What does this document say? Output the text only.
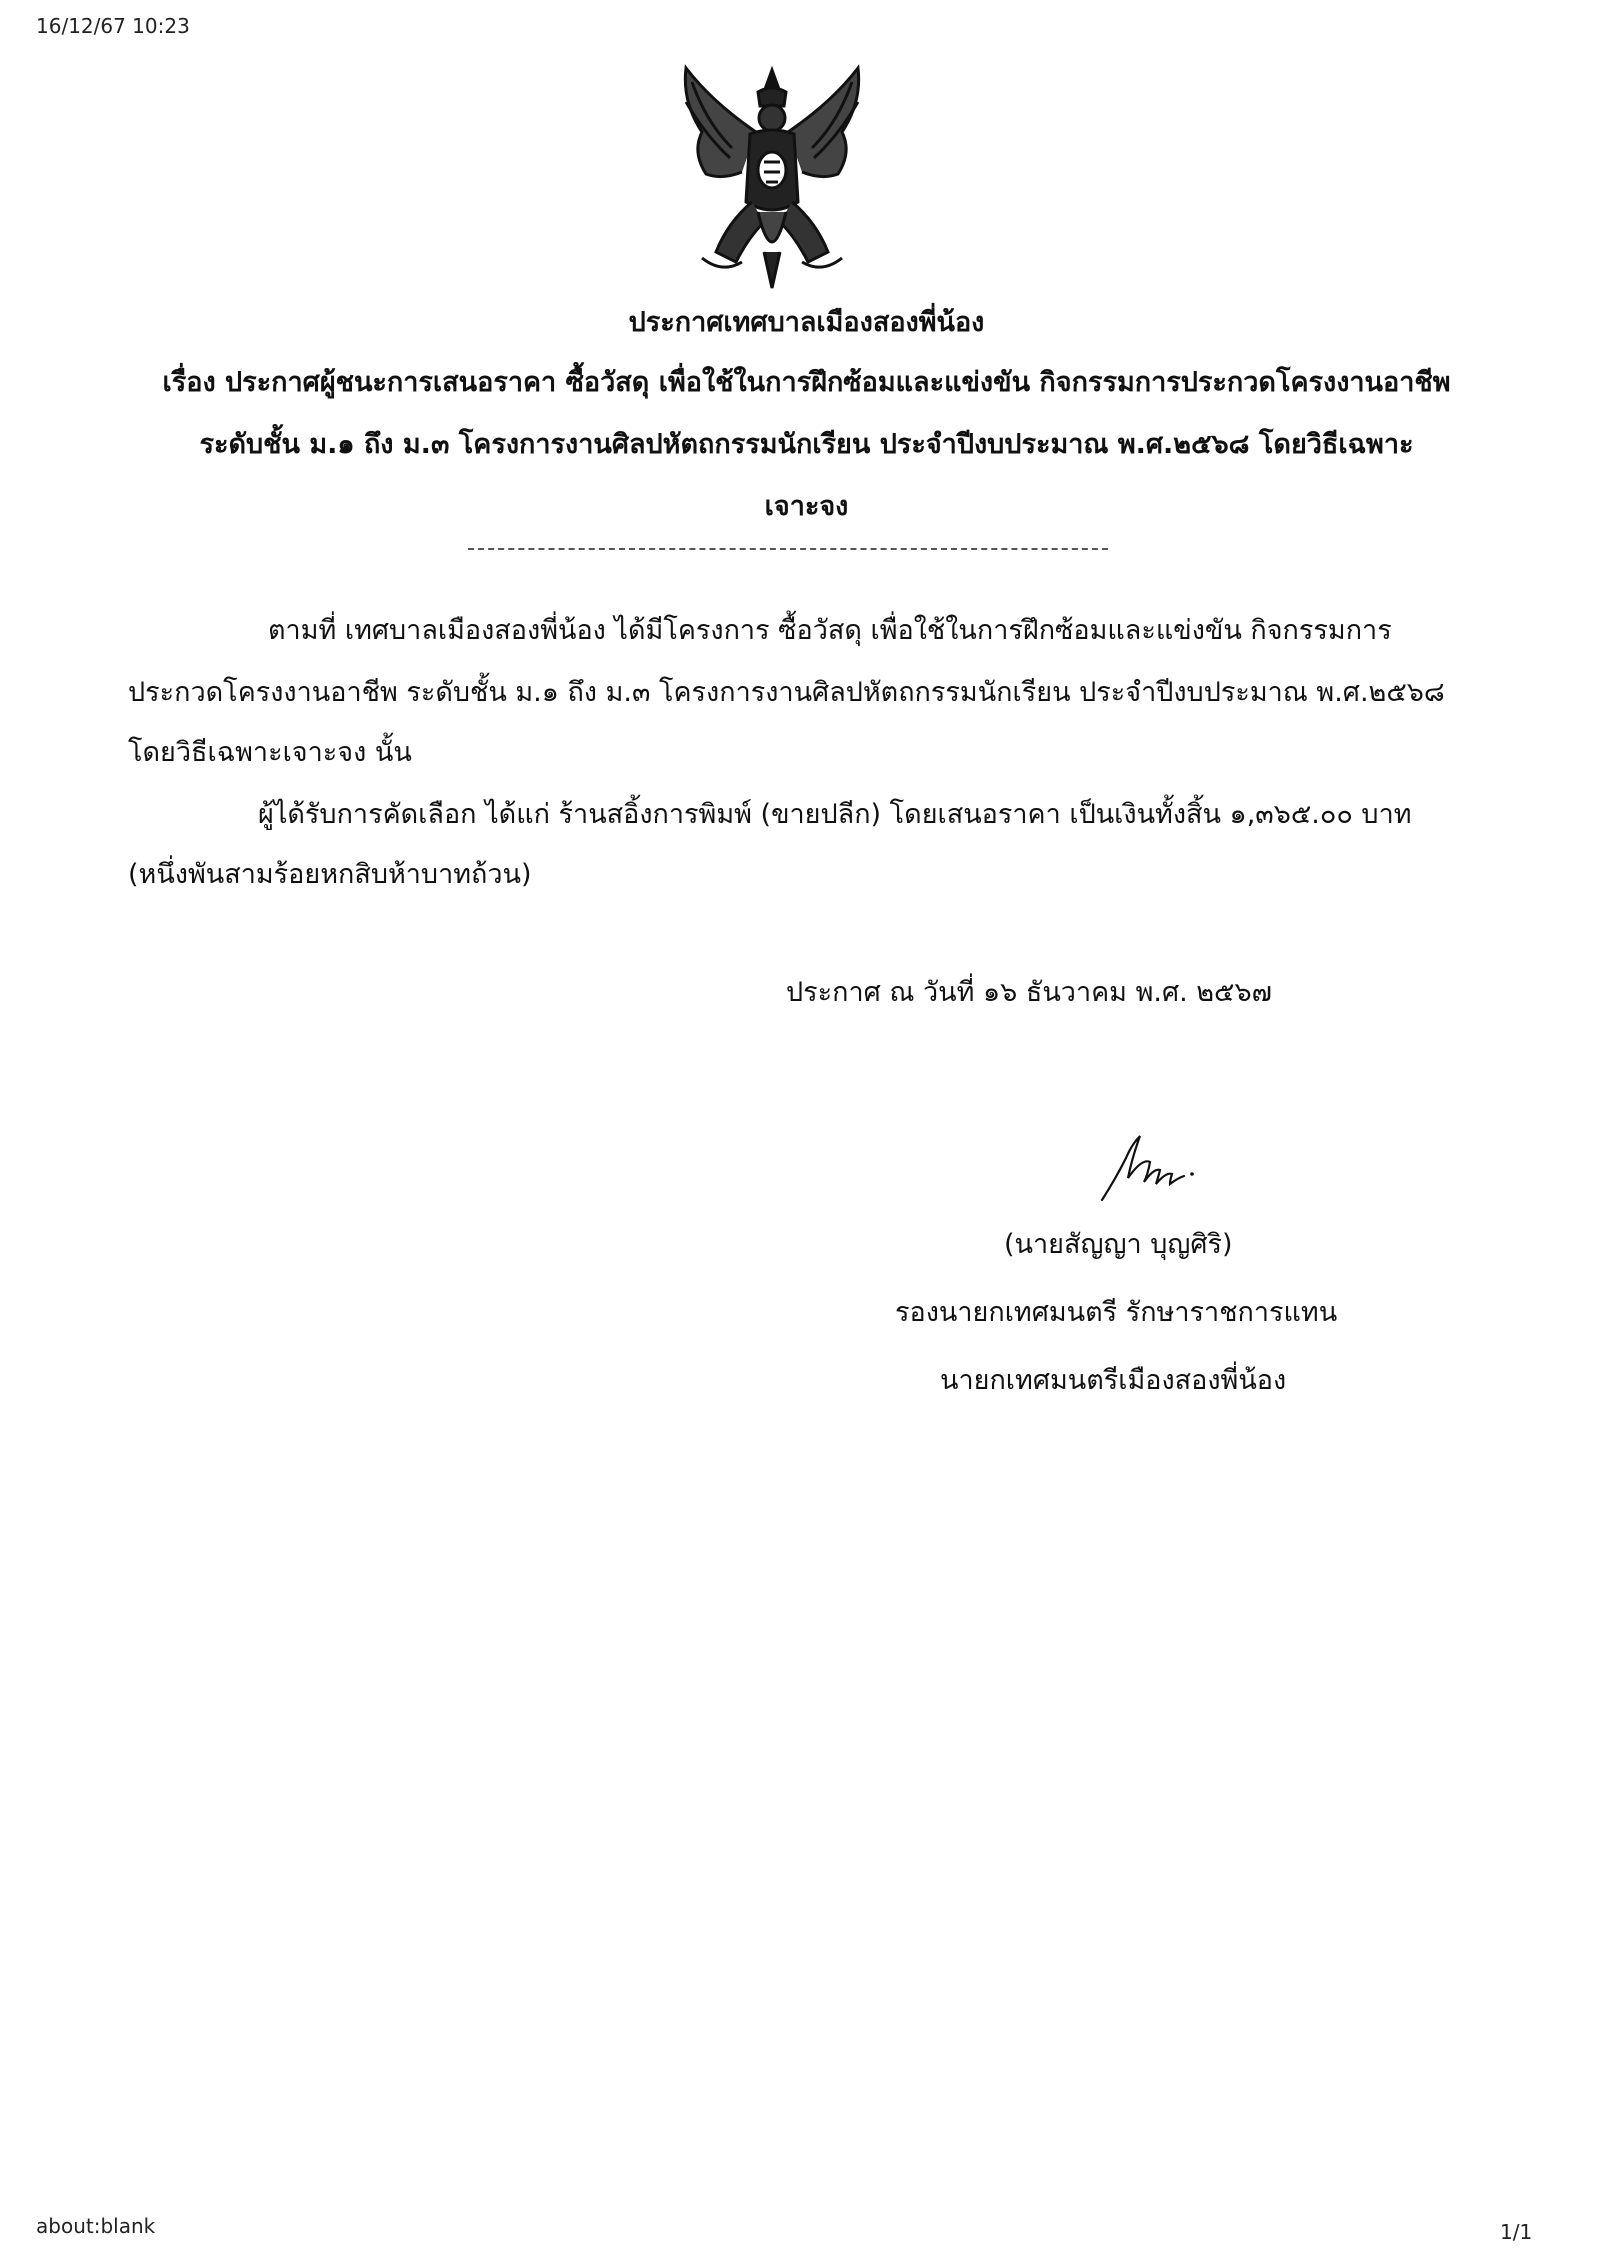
16/12/67 10:23
ประกาศเทศบาลเมืองสองพี่น้อง
เรื่อง ประกาศผู้ชนะการเสนอราคา ซื้อวัสดุ เพื่อใช้ในการฝึกซ้อมและแข่งขัน กิจกรรมการประกวดโครงงานอาชีพ
ระดับชั้น ม.๑ ถึง ม.๓ โครงการงานศิลปหัตถกรรมนักเรียน ประจำปีงบประมาณ พ.ศ.๒๕๖๘ โดยวิธีเฉพาะ
เจาะจง
ตามที่ เทศบาลเมืองสองพี่น้อง ได้มีโครงการ ซื้อวัสดุ เพื่อใช้ในการฝึกซ้อมและแข่งขัน กิจกรรมการ
ประกวดโครงงานอาชีพ ระดับชั้น ม.๑ ถึง ม.๓ โครงการงานศิลปหัตถกรรมนักเรียน ประจำปีงบประมาณ พ.ศ.๒๕๖๘
โดยวิธีเฉพาะเจาะจง นั้น
ผู้ได้รับการคัดเลือก ได้แก่ ร้านสอิ้งการพิมพ์ (ขายปลีก) โดยเสนอราคา เป็นเงินทั้งสิ้น ๑,๓๖๕.๐๐ บาท
(หนึ่งพันสามร้อยหกสิบห้าบาทถ้วน)
ประกาศ ณ วันที่ ๑๖ ธันวาคม พ.ศ. ๒๕๖๗
(นายสัญญา บุญศิริ)
รองนายกเทศมนตรี รักษาราชการแทน
นายกเทศมนตรีเมืองสองพี่น้อง
about:blank	1/1
